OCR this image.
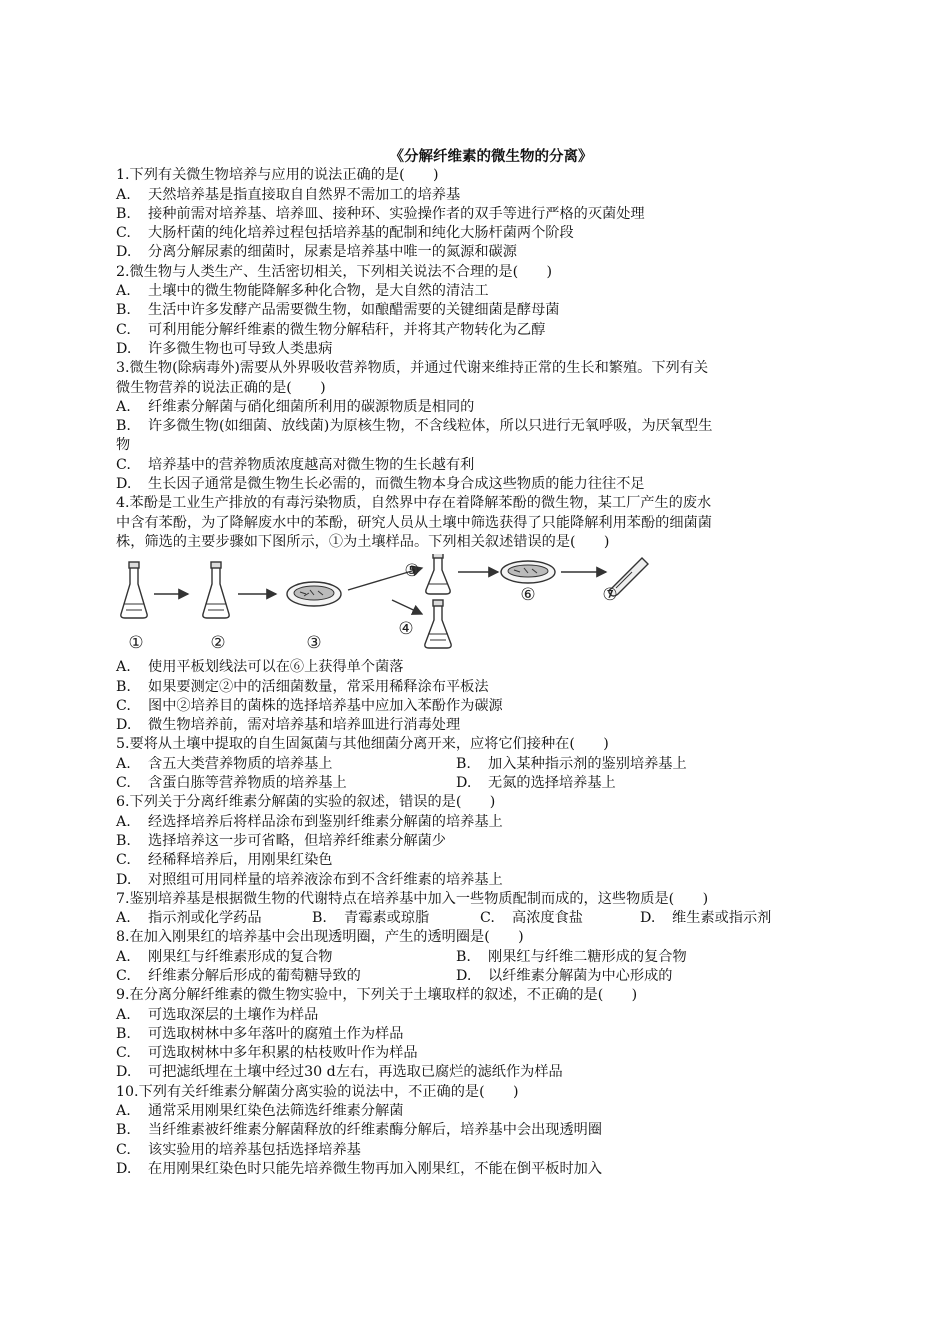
《分解纤维素的微生物的分离》
1.下列有关微生物培养与应用的说法正确的是(　　)
A. 天然培养基是指直接取自自然界不需加工的培养基
B. 接种前需对培养基、培养皿、接种环、实验操作者的双手等进行严格的灭菌处理
C. 大肠杆菌的纯化培养过程包括培养基的配制和纯化大肠杆菌两个阶段
D. 分离分解尿素的细菌时，尿素是培养基中唯一的氮源和碳源
2.微生物与人类生产、生活密切相关，下列相关说法不合理的是(　　)
A. 土壤中的微生物能降解多种化合物，是大自然的清洁工
B. 生活中许多发酵产品需要微生物，如酿醋需要的关键细菌是酵母菌
C. 可利用能分解纤维素的微生物分解秸秆，并将其产物转化为乙醇
D. 许多微生物也可导致人类患病
3.微生物(除病毒外)需要从外界吸收营养物质，并通过代谢来维持正常的生长和繁殖。下列有关
微生物营养的说法正确的是(　　)
A. 纤维素分解菌与硝化细菌所利用的碳源物质是相同的
B. 许多微生物(如细菌、放线菌)为原核生物，不含线粒体，所以只进行无氧呼吸，为厌氧型生
物
C. 培养基中的营养物质浓度越高对微生物的生长越有利
D. 生长因子通常是微生物生长必需的，而微生物本身合成这些物质的能力往往不足
4.苯酚是工业生产排放的有毒污染物质，自然界中存在着降解苯酚的微生物，某工厂产生的废水
中含有苯酚，为了降解废水中的苯酚，研究人员从土壤中筛选获得了只能降解利用苯酚的细菌菌
株，筛选的主要步骤如下图所示，①为土壤样品。下列相关叙述错误的是(　　)
①	②	③
④
⑤
⑥	⑦
A. 使用平板划线法可以在⑥上获得单个菌落
B. 如果要测定②中的活细菌数量，常采用稀释涂布平板法
C. 图中②培养目的菌株的选择培养基中应加入苯酚作为碳源
D. 微生物培养前，需对培养基和培养皿进行消毒处理
5.要将从土壤中提取的自生固氮菌与其他细菌分离开来，应将它们接种在(　　)
A. 含五大类营养物质的培养基上	B. 加入某种指示剂的鉴别培养基上
C. 含蛋白胨等营养物质的培养基上	D. 无氮的选择培养基上
6.下列关于分离纤维素分解菌的实验的叙述，错误的是(　　)
A. 经选择培养后将样品涂布到鉴别纤维素分解菌的培养基上
B. 选择培养这一步可省略，但培养纤维素分解菌少
C. 经稀释培养后，用刚果红染色
D. 对照组可用同样量的培养液涂布到不含纤维素的培养基上
7.鉴别培养基是根据微生物的代谢特点在培养基中加入一些物质配制而成的，这些物质是(　　)
A. 指示剂或化学药品	B. 青霉素或琼脂	C. 高浓度食盐	D. 维生素或指示剂
8.在加入刚果红的培养基中会出现透明圈，产生的透明圈是(　　)
A. 刚果红与纤维素形成的复合物	B. 刚果红与纤维二糖形成的复合物
C. 纤维素分解后形成的葡萄糖导致的	D. 以纤维素分解菌为中心形成的
9.在分离分解纤维素的微生物实验中，下列关于土壤取样的叙述，不正确的是(　　)
A. 可选取深层的土壤作为样品
B. 可选取树林中多年落叶的腐殖土作为样品
C. 可选取树林中多年积累的枯枝败叶作为样品
D. 可把滤纸埋在土壤中经过30 d左右，再选取已腐烂的滤纸作为样品
10.下列有关纤维素分解菌分离实验的说法中，不正确的是(　　)
A. 通常采用刚果红染色法筛选纤维素分解菌
B. 当纤维素被纤维素分解菌释放的纤维素酶分解后，培养基中会出现透明圈
C. 该实验用的培养基包括选择培养基
D. 在用刚果红染色时只能先培养微生物再加入刚果红，不能在倒平板时加入
